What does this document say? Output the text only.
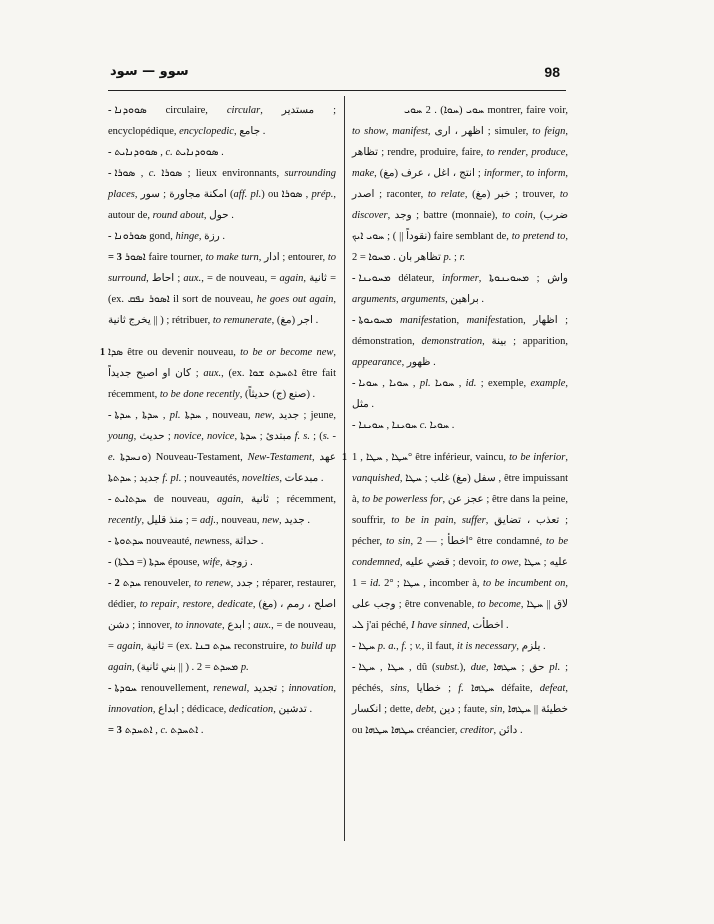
سوو — سود	98

- ܣܘܘܕܢܐ circulaire, circular, مستدير ; encyclopédique, encyclopedic, جامع .

- ܣܘܘܕܢܐܝܬ , c. ܣܘܘܕܢܐܝܬ .

- ܣܘܪܐ , c. ܣܘܪܐ ; lieux environnants, surrounding places, امكنة مجاورة ; سور (aff. pl.) ou ܣܘܪܐ , prép., autour de, round about, حول .

- ܣܘܪܘܢܐ gond, hinge, رزة .

= 3 ܐܣܘܪ faire tourner, to make turn, ادار ; entourer, to surround, احاط ; aux., = de nouveau, = again, ثانية = (ex. ܐܣܘܪ ܢܦܩ il sort de nouveau, he goes out again, يخرج ثانية || ) ; rétribuer, to remunerate, (مغ) اجر .

1 ܣܕܐ être ou devenir nouveau, to be or become new, كان او اصبح جديداً ; aux., (ex. ܐܬܚܕܬ ܫܘܐ être fait récemment, to be done recently, (صنع (ج) حديثاً) .

- ܚܕܬܐ , ܚܕܬܐ , pl. ܚܕܬܐ , nouveau, new, جديد ; jeune, young, حديث ; novice, novice, مبتدئ ; ܚܕܬܐ f. s. ; (s. - e. ܘܢܚܕܬܐ) Nouveau-Testament, New-Testament, عهد جديد ; ܚܕܬܬܐ f. pl. ; nouveautés, novelties, مبدعات .

- ܚܕܬܐܝܬ de nouveau, again, ثانية ; récemment, recently, منذ قليل ; = adj., nouveau, new, جديد .

- ܚܕܬܘܬܐ nouveauté, newness, حداثة .

- ܚܕܬܐ (= ܟܠܬܐ) épouse, wife, زوجة .

- 2 ܚܕܬ renouveler, to renew, جدد ; réparer, restaurer, dédier, to repair, restore, dedicate, (مغ) اصلح ، رمم ، دشن ; innover, to innovate, ابدع ; aux., = de nouveau, = again, ثانية = (ex. ܚܕܬ ܒܢܐ reconstruire, to build up again, (بني ثانية || ) . ܡܚܕܬ = 2 p.

- ܚܘܕܬܐ renouvellement, renewal, تجديد ; innovation, innovation, ابداع ; dédicace, dedication, تدشين .

= 3 ܐܬܚܕܬ , c. ܐܬܚܕܬ .

ܚܘܝ (ܚܘܐ) . 2 ܚܘܝ montrer, faire voir, to show, manifest, اظهر ، ارى ; simuler, to feign, تظاهر ; rendre, produire, faire, to render, produce, make, انتج ، اغل ، عرف (مغ) ; informer, to inform, اصدر ; raconter, to relate, خبر (مغ) ; trouver, to discover, وجد ; battre (monnaie), to coin, (ضرب (نقوداً || ) ; ܚܘܝ ܐܝܟ faire semblant de, to pretend to, تظاهر بان . ܡܚܘܐ = 2 p. ; r.

- ܡܚܘܝܢܐ délateur, informer, واش ; ܡܚܘܝܢܘܬܐ arguments, arguments, براهين .

- ܡܚܘܝܘܬܐ manifestation, manifestation, اظهار ; démonstration, demonstration, بينة ; apparition, appearance, ظهور .

- ܚܘܝܐ , ܚܘܝܐ , pl. ܚܘܝܐ , id. ; exemple, example, مثل .

- ܚܘܝܢܐ , ܚܘܝܢܐ c. ܚܘܝܐ .

1 ܚܛܐ , ܚܛܐ , 1° être inférieur, vaincu, to be inferior, vanquished, سفل (مغ) غلب ; ܚܛܐ , être impuissant à, to be powerless for, عجز عن ; être dans la peine, souffrir, to be in pain, suffer, تعذب ، تضايق ; pécher, to sin, اخطأ ; — 2° être condamné, to be condemned, قضي عليه ; devoir, to owe, عليه ; ܚܛܐ = 1 id. 2° ; ܚܛܐ , incomber à, to be incumbent on, وجب على ; être convenable, to become, لاق || ܚܛܐ ܠܝ j'ai péché, I have sinned, اخطأت .

- ܚܛܐ p. a., f. ; v., il faut, it is necessary, يلزم .

- ܚܛܐ , ܚܛܐ , dû (subst.), due, حق ; ܚܛܗܐ pl. ; péchés, sins, خطايا ; f. ܚܛܗܐ défaite, defeat, انكسار ; dette, debt, دين ; faute, sin, خطيئة || ܚܛܗܐ ou ܚܛܗܐ ܚܛܗܐ créancier, creditor, دائن .
